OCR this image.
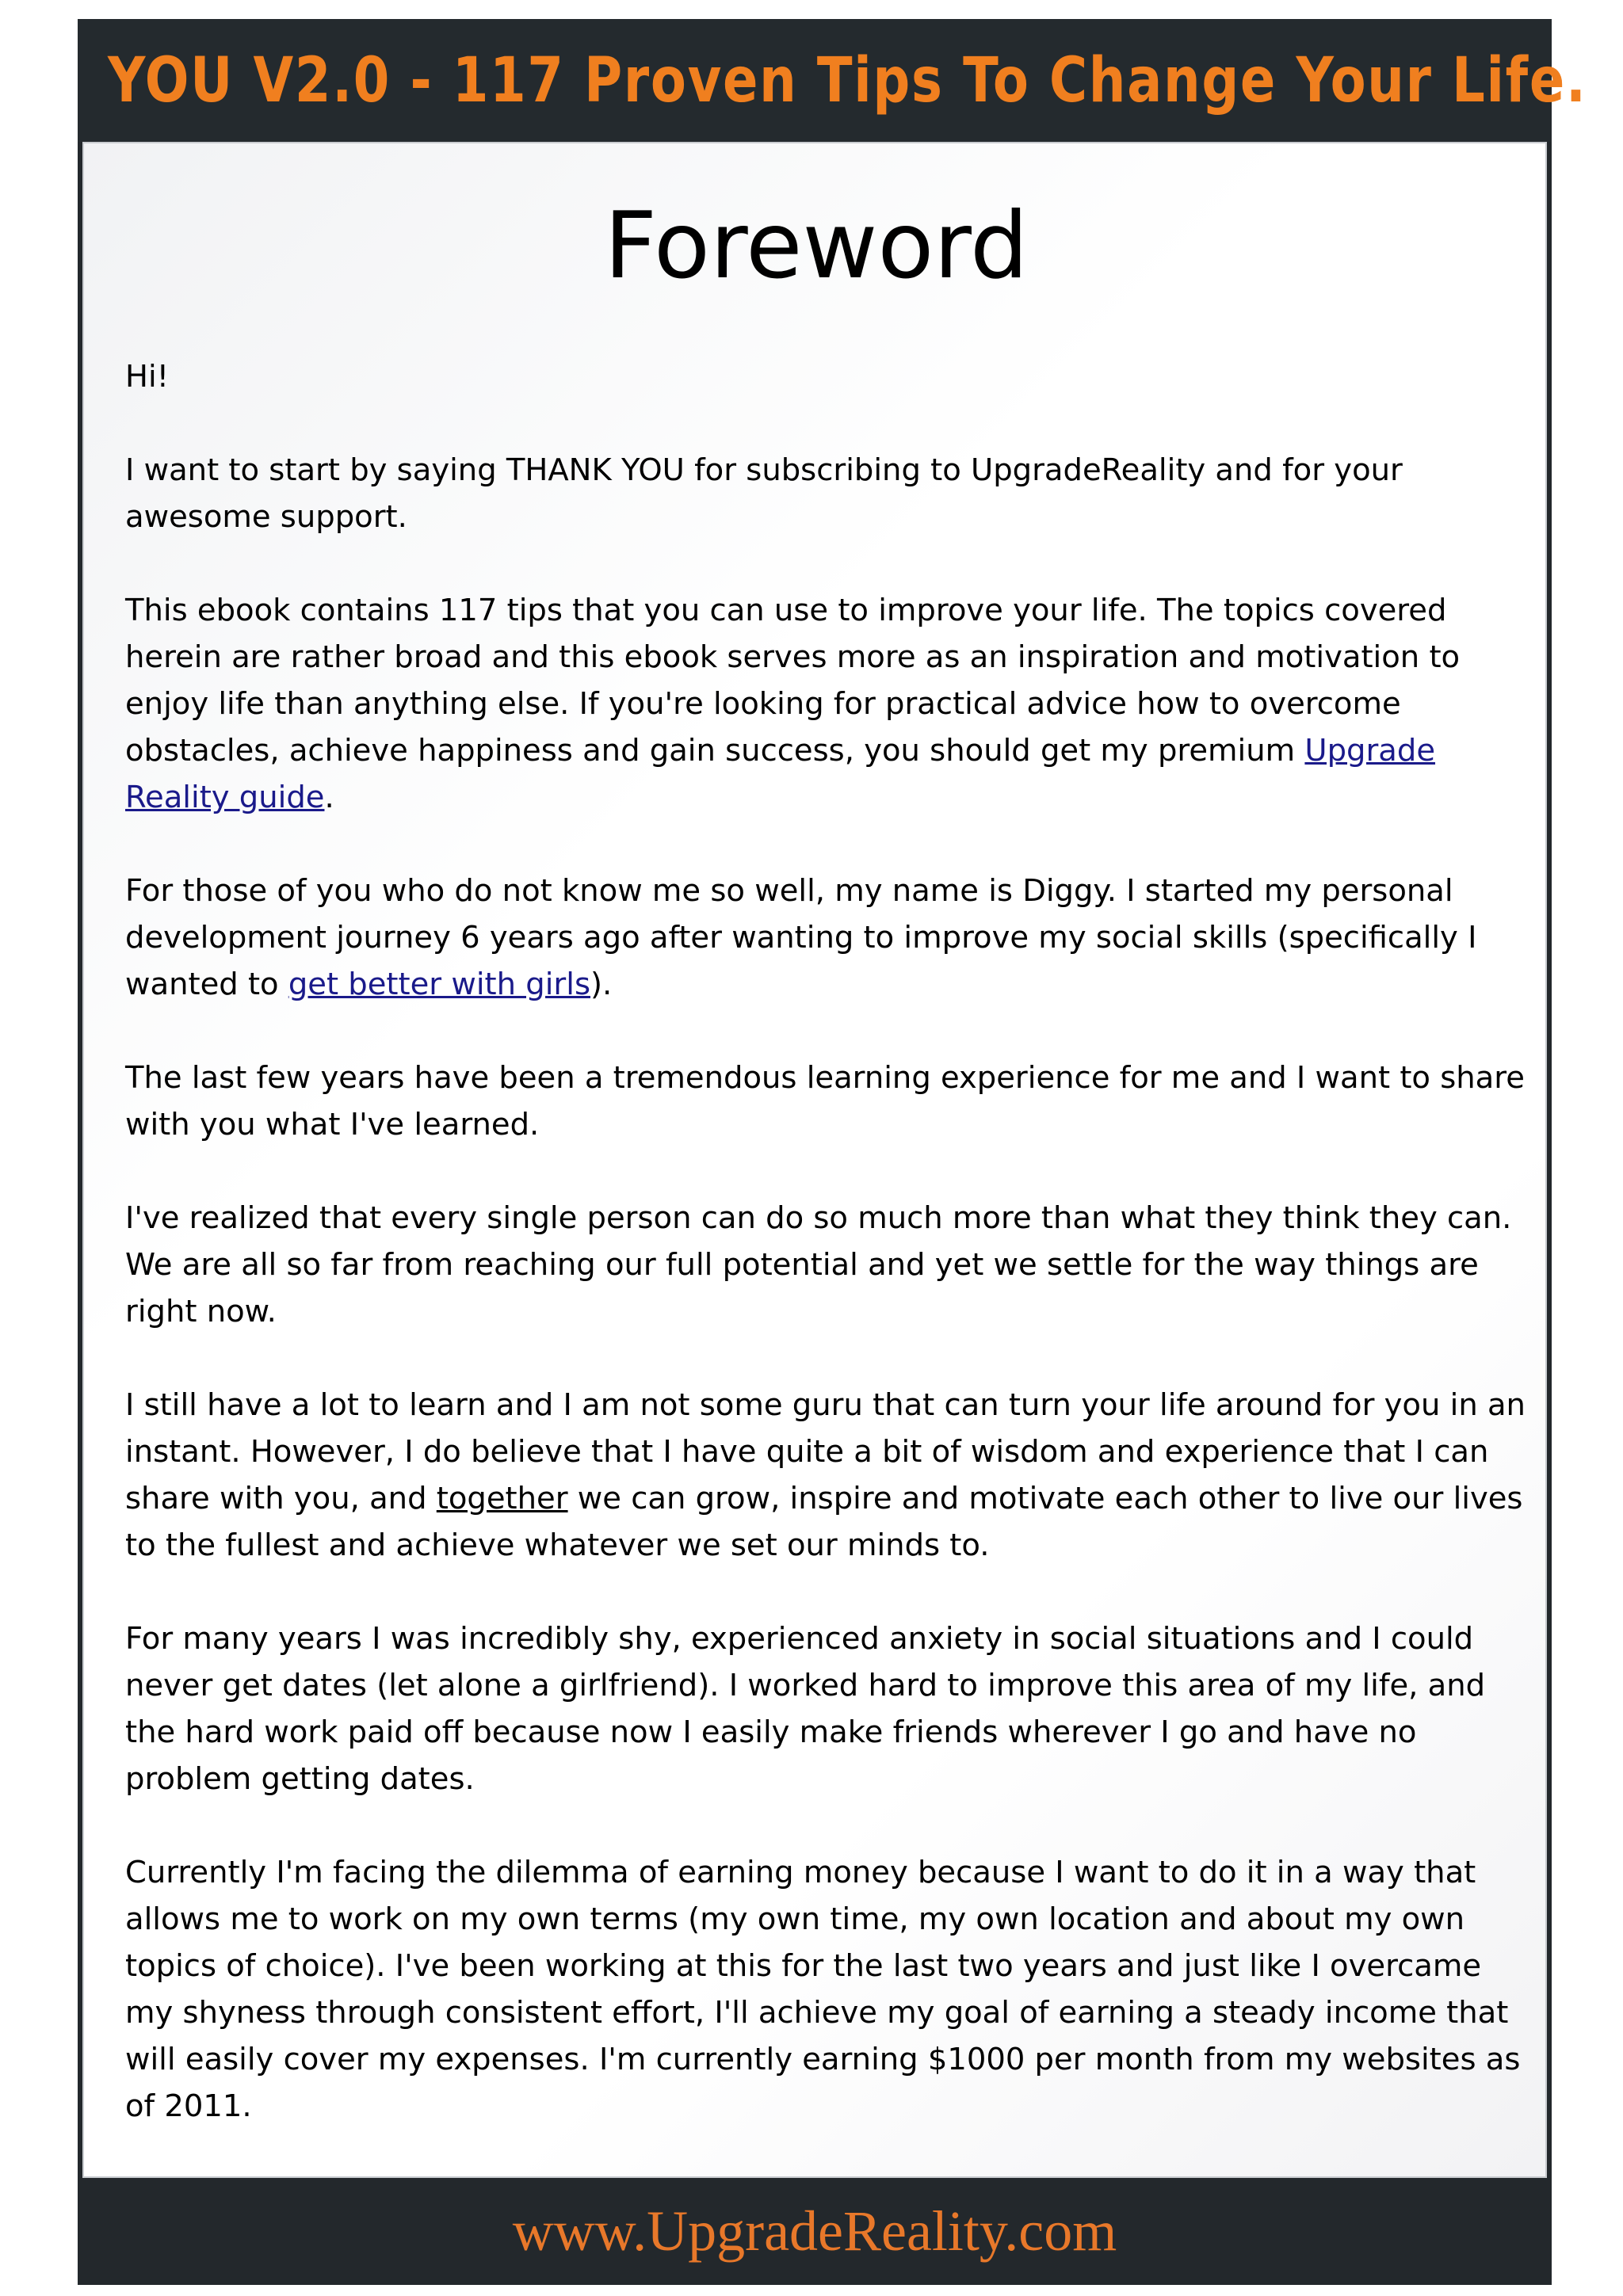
YOU V2.0 - 117 Proven Tips To Change Your Life.
Foreword

Hi!

I want to start by saying THANK YOU for subscribing to UpgradeReality and for your awesome support.

This ebook contains 117 tips that you can use to improve your life. The topics covered herein are rather broad and this ebook serves more as an inspiration and motivation to enjoy life than anything else. If you're looking for practical advice how to overcome obstacles, achieve happiness and gain success, you should get my premium Upgrade Reality guide.

For those of you who do not know me so well, my name is Diggy. I started my personal development journey 6 years ago after wanting to improve my social skills (specifically I wanted to get better with girls).

The last few years have been a tremendous learning experience for me and I want to share with you what I've learned.

I've realized that every single person can do so much more than what they think they can. We are all so far from reaching our full potential and yet we settle for the way things are right now.

I still have a lot to learn and I am not some guru that can turn your life around for you in an instant. However, I do believe that I have quite a bit of wisdom and experience that I can share with you, and together we can grow, inspire and motivate each other to live our lives to the fullest and achieve whatever we set our minds to.

For many years I was incredibly shy, experienced anxiety in social situations and I could never get dates (let alone a girlfriend). I worked hard to improve this area of my life, and the hard work paid off because now I easily make friends wherever I go and have no problem getting dates.

Currently I'm facing the dilemma of earning money because I want to do it in a way that allows me to work on my own terms (my own time, my own location and about my own topics of choice). I've been working at this for the last two years and just like I overcame my shyness through consistent effort, I'll achieve my goal of earning a steady income that will easily cover my expenses. I'm currently earning $1000 per month from my websites as of 2011.

www.UpgradeReality.com
